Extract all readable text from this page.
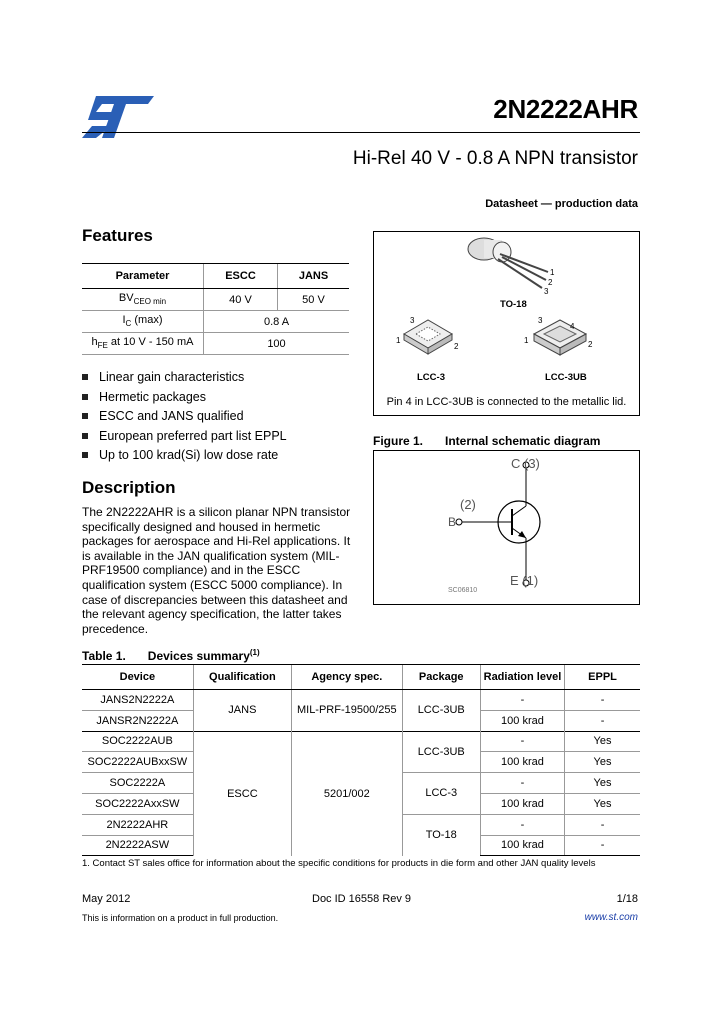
2N2222AHR
Hi-Rel 40 V - 0.8 A NPN transistor
Datasheet — production data
Features
Parameter	ESCC	JANS
$BV_{CEO min}$	40 V	50 V
$I_C$ (max)	0.8 A	
$h_{FE}$ at 10 V - 150 mA	100	
Linear gain characteristics
Hermetic packages
ESCC and JANS qualified
European preferred part list EPPL
Up to 100 krad(Si) low dose rate
Description
The 2N2222AHR is a silicon planar NPN transistor specifically designed and housed in hermetic packages for aerospace and Hi-Rel applications. It is available in the JAN qualification system (MIL-PRF19500 compliance) and in the ESCC qualification system (ESCC 5000 compliance). In case of discrepancies between this datasheet and the relevant agency specification, the latter takes precedence.
1
2
3
TO-18
3
1
2
LCC-3
3
1	2
4
LCC-3UB
Pin 4 in LCC-3UB is connected to the metallic lid.
Figure 1. Internal schematic diagram
C (3)
(2)
B
E (1)
SC06810
Table 1. Devices summary$^{(1)}$
Device	Qualification	Agency spec.	Package	Radiation level	EPPL
JANS2N2222A	JANS	MIL-PRF-19500/255	LCC-3UB	-	-
JANSR2N2222A				100 krad	-
SOC2222AUB	ESCC	5201/002	LCC-3UB	-	Yes
SOC2222AUBxxSW				100 krad	Yes
SOC2222A			LCC-3	-	Yes
SOC2222AxxSW				100 krad	Yes
2N2222AHR			TO-18	-	-
2N2222ASW				100 krad	-
1. Contact ST sales office for information about the specific conditions for products in die form and other JAN quality levels
May 2012	Doc ID 16558 Rev 9	1/18
This is information on a product in full production.	www.st.com
